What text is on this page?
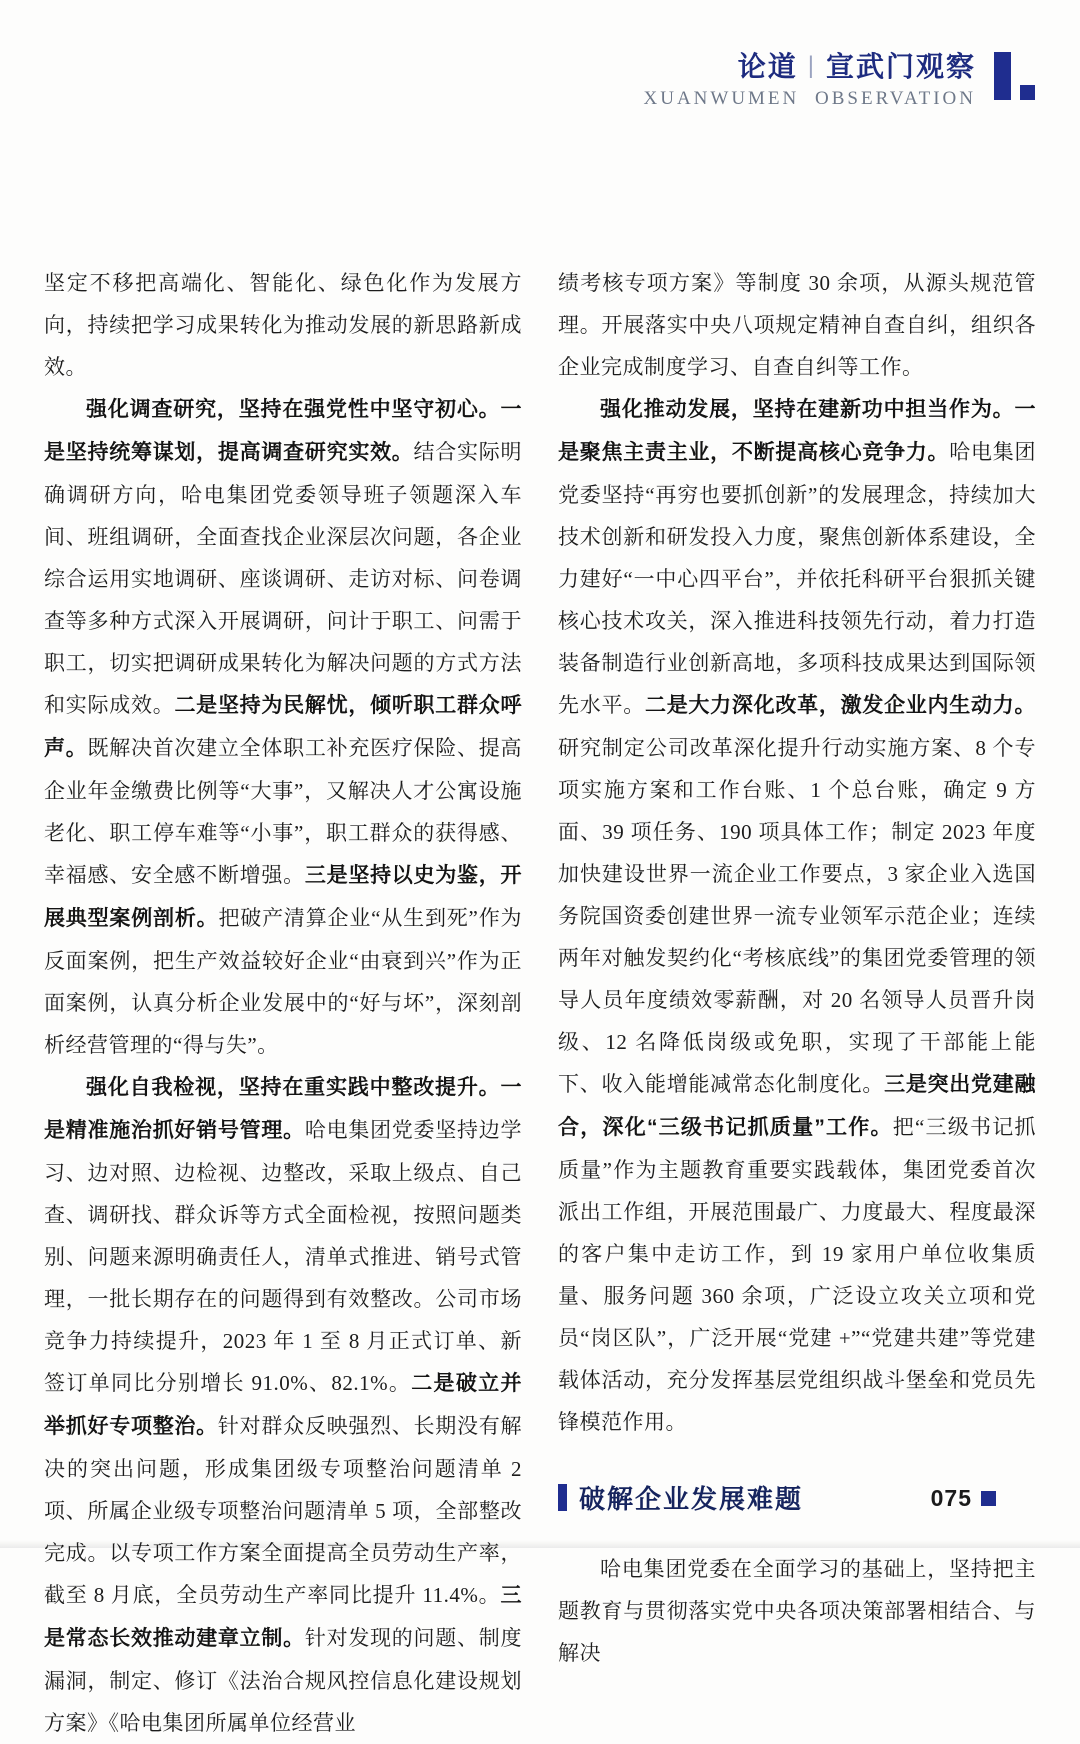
论道 | 宣武门观察
XUANWUMEN OBSERVATION

坚定不移把高端化、智能化、绿色化作为发展方向，持续把学习成果转化为推动发展的新思路新成效。

强化调查研究，坚持在强党性中坚守初心。一是坚持统筹谋划，提高调查研究实效。结合实际明确调研方向，哈电集团党委领导班子领题深入车间、班组调研，全面查找企业深层次问题，各企业综合运用实地调研、座谈调研、走访对标、问卷调查等多种方式深入开展调研，问计于职工、问需于职工，切实把调研成果转化为解决问题的方式方法和实际成效。二是坚持为民解忧，倾听职工群众呼声。既解决首次建立全体职工补充医疗保险、提高企业年金缴费比例等“大事”，又解决人才公寓设施老化、职工停车难等“小事”，职工群众的获得感、幸福感、安全感不断增强。三是坚持以史为鉴，开展典型案例剖析。把破产清算企业“从生到死”作为反面案例，把生产效益较好企业“由衰到兴”作为正面案例，认真分析企业发展中的“好与坏”，深刻剖析经营管理的“得与失”。

强化自我检视，坚持在重实践中整改提升。一是精准施治抓好销号管理。哈电集团党委坚持边学习、边对照、边检视、边整改，采取上级点、自己查、调研找、群众诉等方式全面检视，按照问题类别、问题来源明确责任人，清单式推进、销号式管理，一批长期存在的问题得到有效整改。公司市场竞争力持续提升，2023 年 1 至 8 月正式订单、新签订单同比分别增长 91.0%、82.1%。二是破立并举抓好专项整治。针对群众反映强烈、长期没有解决的突出问题，形成集团级专项整治问题清单 2 项、所属企业级专项整治问题清单 5 项，全部整改完成。以专项工作方案全面提高全员劳动生产率，截至 8 月底，全员劳动生产率同比提升 11.4%。三是常态长效推动建章立制。针对发现的问题、制度漏洞，制定、修订《法治合规风控信息化建设规划方案》《哈电集团所属单位经营业

绩考核专项方案》等制度 30 余项，从源头规范管理。开展落实中央八项规定精神自查自纠，组织各企业完成制度学习、自查自纠等工作。

强化推动发展，坚持在建新功中担当作为。一是聚焦主责主业，不断提高核心竞争力。哈电集团党委坚持“再穷也要抓创新”的发展理念，持续加大技术创新和研发投入力度，聚焦创新体系建设，全力建好“一中心四平台”，并依托科研平台狠抓关键核心技术攻关，深入推进科技领先行动，着力打造装备制造行业创新高地，多项科技成果达到国际领先水平。二是大力深化改革，激发企业内生动力。研究制定公司改革深化提升行动实施方案、8 个专项实施方案和工作台账、1 个总台账，确定 9 方面、39 项任务、190 项具体工作；制定 2023 年度加快建设世界一流企业工作要点，3 家企业入选国务院国资委创建世界一流专业领军示范企业；连续两年对触发契约化“考核底线”的集团党委管理的领导人员年度绩效零薪酬，对 20 名领导人员晋升岗级、12 名降低岗级或免职，实现了干部能上能下、收入能增能减常态化制度化。三是突出党建融合，深化“三级书记抓质量”工作。把“三级书记抓质量”作为主题教育重要实践载体，集团党委首次派出工作组，开展范围最广、力度最大、程度最深的客户集中走访工作，到 19 家用户单位收集质量、服务问题 360 余项，广泛设立攻关立项和党员“岗区队”，广泛开展“党建 +”“党建共建”等党建载体活动，充分发挥基层党组织战斗堡垒和党员先锋模范作用。

破解企业发展难题

哈电集团党委在全面学习的基础上，坚持把主题教育与贯彻落实党中央各项决策部署相结合、与解决

075
